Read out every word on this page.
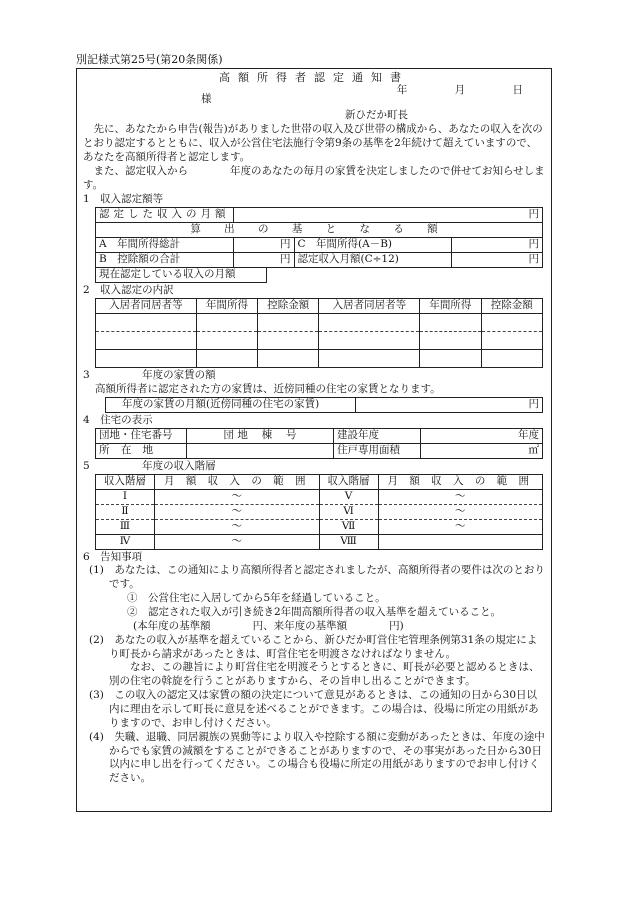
別記様式第25号(第20条関係)
高額所得者認定通知書
年 月 日
様
新ひだか町長

先に、あなたから申告(報告)がありました世帯の収入及び世帯の構成から、あなたの収入を次のとおり認定するとともに、収入が公営住宅法施行令第9条の基準を2年続けて超えていますので、あなたを高額所得者と認定します。

また、認定収入から　　　　年度のあなたの毎月の家賃を決定しましたので併せてお知らせします。

1　収入認定額等
認定した収入の月額	円		
算 出 の 基 と な る 額			
A　年間所得総計	円	C　年間所得(A－B)	円
B　控除額の合計	円	認定収入月額(C÷12)	円
現在認定している収入の月額	
2　収入認定の内訳
入居者同居者等	年間所得	控除金額	入居者同居者等	年間所得	控除金額

3　　　　　年度の家賃の額

高額所得者に認定された方の家賃は、近傍同種の住宅の家賃となります。

年度の家賃の月額(近傍同種の住宅の家賃)	円
4　住宅の表示
団地・住宅番号	団 地 　棟 　号	建設年度	年度
所 在 地		住戸専用面積	㎡
5　　　　　年度の収入階層
収入階層	月 額 収 入 の 範 囲	収入階層	月 額 収 入 の 範 囲
Ⅰ	～	Ⅴ	～
Ⅱ	～	Ⅵ	～
Ⅲ	～	Ⅶ	～
Ⅳ	～	Ⅷ	
6　告知事項

(1)　あなたは、この通知により高額所得者と認定されましたが、高額所得者の要件は次のとおりです。

①　公営住宅に入居してから5年を経過していること。

②　認定された収入が引き続き2年間高額所得者の収入基準を超えていること。

(本年度の基準額　　　　円、来年度の基準額　　　　円)

(2)　あなたの収入が基準を超えていることから、新ひだか町営住宅管理条例第31条の規定により町長から請求があったときは、町営住宅を明渡さなければなりません。

なお、この趣旨により町営住宅を明渡そうとするときに、町長が必要と認めるときは、別の住宅の斡旋を行うことがありますから、その旨申し出ることができます。

(3)　この収入の認定又は家賃の額の決定について意見があるときは、この通知の日から30日以内に理由を示して町長に意見を述べることができます。この場合は、役場に所定の用紙がありますので、お申し付けください。

(4)　失職、退職、同居親族の異動等により収入や控除する額に変動があったときは、年度の途中からでも家賃の減額をすることができることがありますので、その事実があった日から30日以内に申し出を行ってください。この場合も役場に所定の用紙がありますのでお申し付けください。
